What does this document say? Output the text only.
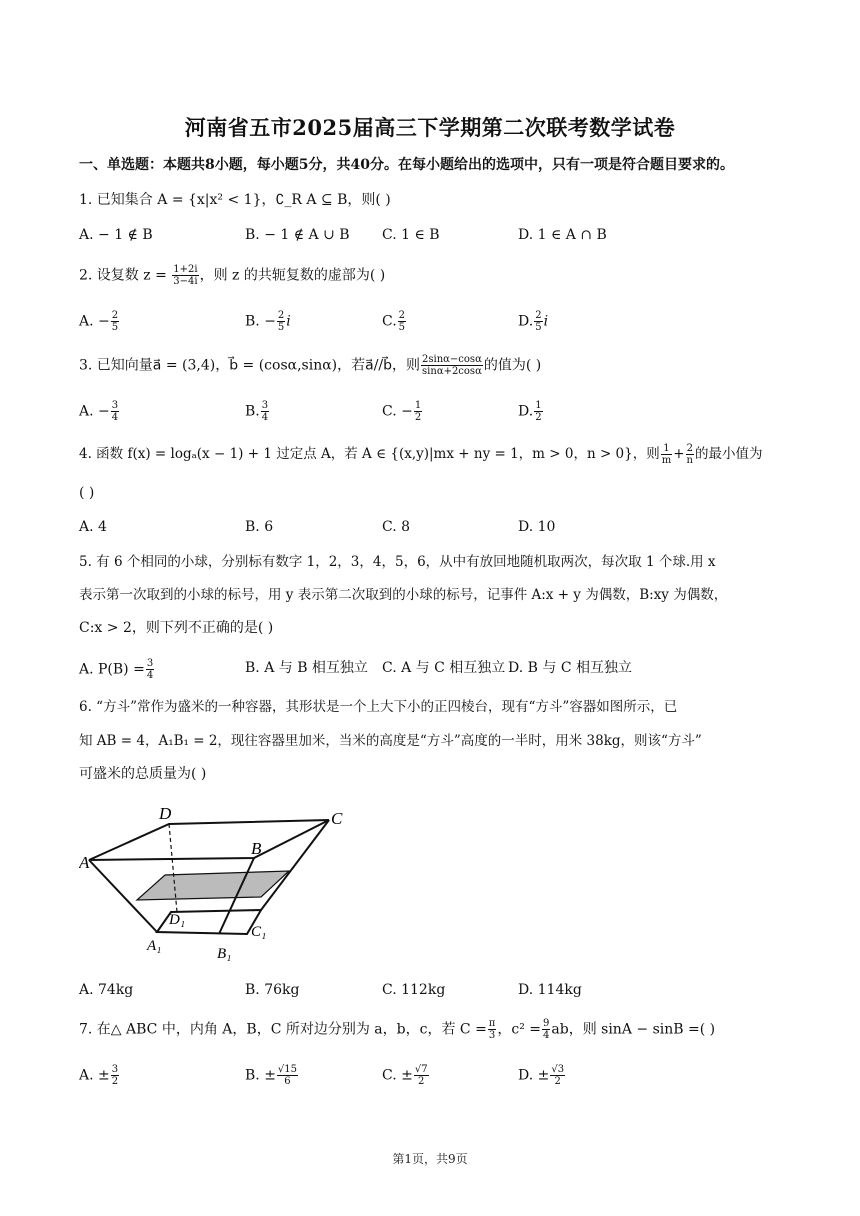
河南省五市2025届高三下学期第二次联考数学试卷
一、单选题：本题共8小题，每小题5分，共40分。在每小题给出的选项中，只有一项是符合题目要求的。
1. 已知集合 A = {x|x² < 1}，∁_R A ⊆ B，则( )
A. − 1 ∉ B	B. − 1 ∉ A ∪ B C. 1 ∈ B	D. 1 ∈ A ∩ B
2. 设复数 $z = \frac{1+2i}{3-4i}$ ，则 z 的共轭复数的虚部为( )
A. − $\frac{2}{5}$	B. − $\frac{2}{5}$ i	C. $\frac{2}{5}$	D. $\frac{2}{5}$ i
3. 已知向量a⃗ = (3,4)，b⃗ = (cosα,sinα)，若a⃗//b⃗，则 $\frac{2\sin\alpha-\cos\alpha}{\sin\alpha+2\cos\alpha}$ 的值为( )
A. − $\frac{3}{4}$	B. $\frac{3}{4}$	C. − $\frac{1}{2}$	D. $\frac{1}{2}$
4. 函数 f(x) = logₐ(x − 1) + 1 过定点 A，若 A ∈ {(x,y)|mx + ny = 1，m > 0，n > 0}，则 $\frac{1}{m} + \frac{2}{n}$ 的最小值为
( )
A. 4	B. 6	C. 8	D. 10
5. 有 6 个相同的小球，分别标有数字 1，2，3，4，5，6，从中有放回地随机取两次，每次取 1 个球.用 x
表示第一次取到的小球的标号，用 y 表示第二次取到的小球的标号，记事件 A:x + y 为偶数，B:xy 为偶数，
C:x > 2，则下列不正确的是( )
A. $P(B) = \frac{3}{4}$	B. A 与 B 相互独立 C. A 与 C 相互独立 D. B 与 C 相互独立
6. “方斗”常作为盛米的一种容器，其形状是一个上大下小的正四棱台，现有“方斗”容器如图所示，已
知 AB = 4，A₁B₁ = 2，现往容器里加米，当米的高度是“方斗”高度的一半时，用米 38kg，则该“方斗”
可盛米的总质量为( )
D	C
A
B
D₁
C₁
A₁	B₁
A. 74kg	B. 76kg	C. 112kg	D. 114kg
7. 在△ ABC 中，内角 A，B，C 所对边分别为 a，b，c，若 $C = \frac{\pi}{3}$ ，$c^2 = \frac{9}{4}$ ab，则 sinA − sinB =( )
A. ± $\frac{3}{2}$	B. ± $\frac{√15}{6}$	C. ± $\frac{√7}{2}$	D. ± $\frac{√3}{2}$
第1页，共9页
